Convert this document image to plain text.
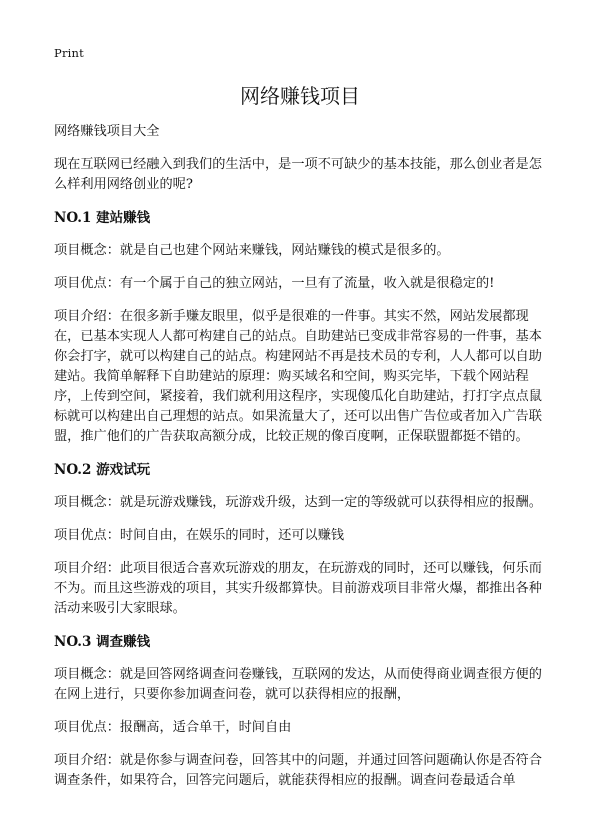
Print
网络赚钱项目

网络赚钱项目大全

现在互联网已经融入到我们的生活中，是一项不可缺少的基本技能，那么创业者是怎么样利用网络创业的呢?

NO.1 建站赚钱

项目概念：就是自己也建个网站来赚钱，网站赚钱的模式是很多的。

项目优点：有一个属于自己的独立网站，一旦有了流量，收入就是很稳定的!

项目介绍：在很多新手赚友眼里，似乎是很难的一件事。其实不然，网站发展都现在，已基本实现人人都可构建自己的站点。自助建站已变成非常容易的一件事，基本你会打字，就可以构建自己的站点。构建网站不再是技术员的专利，人人都可以自助建站。我简单解释下自助建站的原理：购买域名和空间，购买完毕，下载个网站程序，上传到空间，紧接着，我们就利用这程序，实现傻瓜化自助建站，打打字点点鼠标就可以构建出自己理想的站点。如果流量大了，还可以出售广告位或者加入广告联盟，推广他们的广告获取高额分成，比较正规的像百度啊，正保联盟都挺不错的。

NO.2 游戏试玩

项目概念：就是玩游戏赚钱，玩游戏升级，达到一定的等级就可以获得相应的报酬。

项目优点：时间自由，在娱乐的同时，还可以赚钱

项目介绍：此项目很适合喜欢玩游戏的朋友，在玩游戏的同时，还可以赚钱，何乐而不为。而且这些游戏的项目，其实升级都算快。目前游戏项目非常火爆，都推出各种活动来吸引大家眼球。

NO.3 调查赚钱

项目概念：就是回答网络调查问卷赚钱，互联网的发达，从而使得商业调查很方便的在网上进行，只要你参加调查问卷，就可以获得相应的报酬，

项目优点：报酬高，适合单干，时间自由

项目介绍：就是你参与调查问卷，回答其中的问题，并通过回答问题确认你是否符合调查条件，如果符合，回答完问题后，就能获得相应的报酬。调查问卷最适合单
